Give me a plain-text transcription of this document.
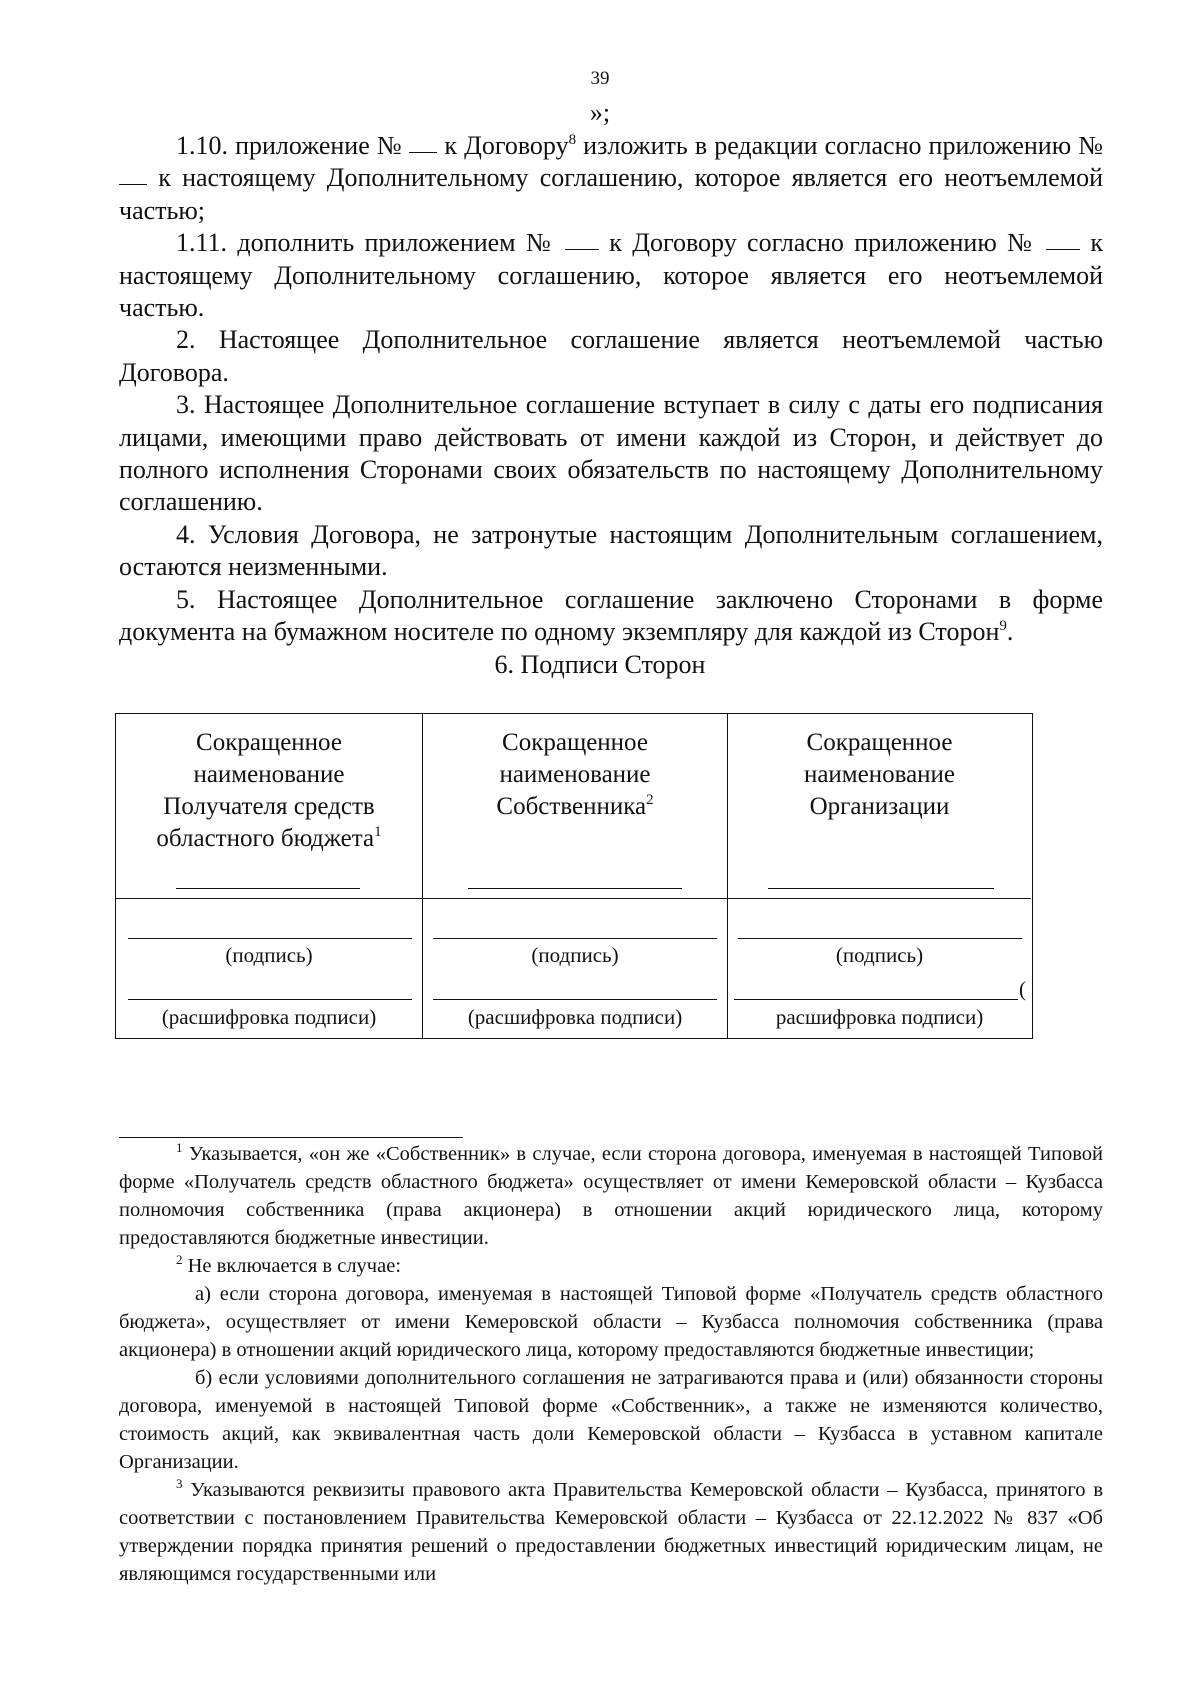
39
»;

1.10. приложение № к Договору$^8$ изложить в редакции согласно приложению №  к настоящему Дополнительному соглашению, которое является его неотъемлемой частью;

1.11. дополнить приложением № к Договору согласно приложению № к настоящему Дополнительному соглашению, которое является его неотъемлемой частью.

2. Настоящее Дополнительное соглашение является неотъемлемой частью Договора.

3. Настоящее Дополнительное соглашение вступает в силу с даты его подписания лицами, имеющими право действовать от имени каждой из Сторон, и действует до полного исполнения Сторонами своих обязательств по настоящему Дополнительному соглашению.

4. Условия Договора, не затронутые настоящим Дополнительным соглашением, остаются неизменными.

5. Настоящее Дополнительное соглашение заключено Сторонами в форме документа на бумажном носителе по одному экземпляру для каждой из Сторон$^9$.

6. Подписи Сторон
Сокращенное
наименование
Получателя средств
областного бюджета$^1$
(подпись)
(расшифровка подписи)
Сокращенное
наименование
Собственника$^2$
(подпись)
(расшифровка подписи)
Сокращенное
наименование
Организации
(подпись)
(
расшифровка подписи)

$^1$ Указывается, «он же «Собственник» в случае, если сторона договора, именуемая в настоящей Типовой форме «Получатель средств областного бюджета» осуществляет от имени Кемеровской области – Кузбасса полномочия собственника (права акционера) в отношении акций юридического лица, которому предоставляются бюджетные инвестиции.

$^2$ Не включается в случае:

а) если сторона договора, именуемая в настоящей Типовой форме «Получатель средств областного бюджета», осуществляет от имени Кемеровской области – Кузбасса полномочия собственника (права акционера) в отношении акций юридического лица, которому предоставляются бюджетные инвестиции;

б) если условиями дополнительного соглашения не затрагиваются права и (или) обязанности стороны договора, именуемой в настоящей Типовой форме «Собственник», а также не изменяются количество, стоимость акций, как эквивалентная часть доли Кемеровской области – Кузбасса в уставном капитале Организации.

$^3$ Указываются реквизиты правового акта Правительства Кемеровской области – Кузбасса, принятого в соответствии с постановлением Правительства Кемеровской области – Кузбасса от 22.12.2022 № 837 «Об утверждении порядка принятия решений о предоставлении бюджетных инвестиций юридическим лицам, не являющимся государственными или
